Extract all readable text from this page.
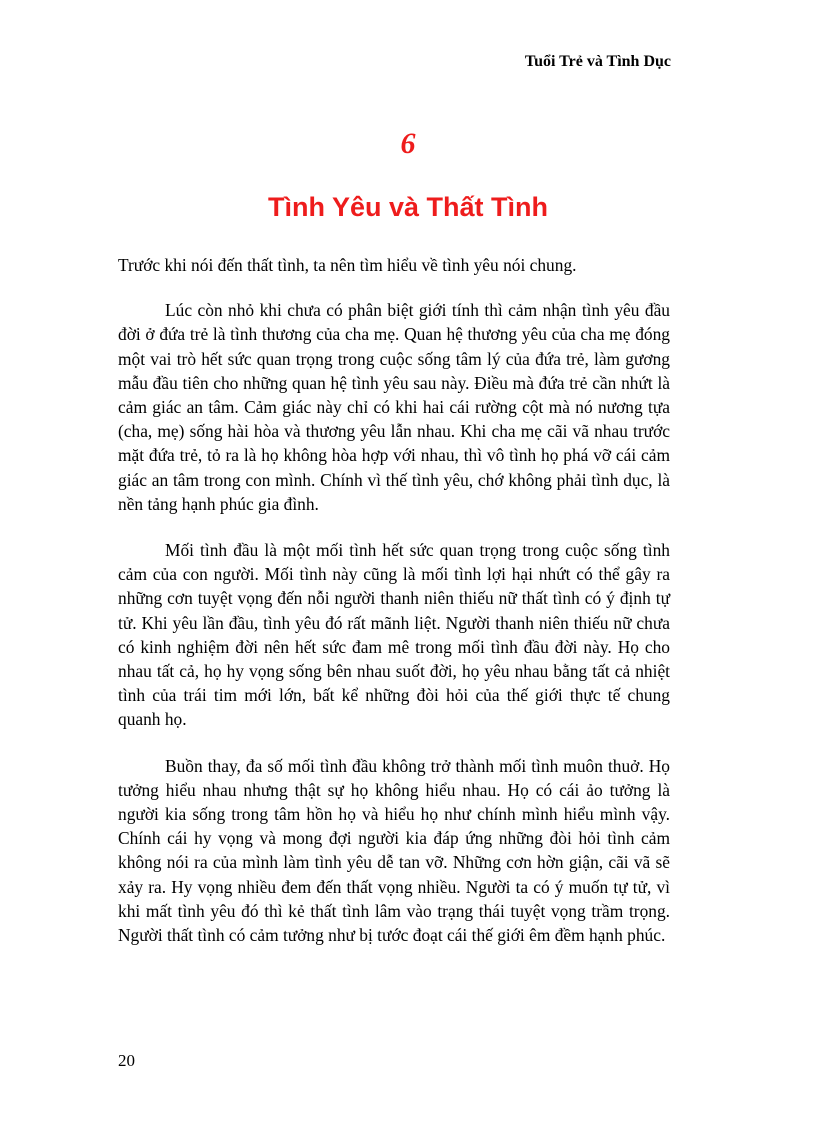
Tuổi Trẻ và Tình Dục
6
Tình Yêu và Thất Tình

Trước khi nói đến thất tình, ta nên tìm hiểu về tình yêu nói chung.

Lúc còn nhỏ khi chưa có phân biệt giới tính thì cảm nhận tình yêu đầu đời ở đứa trẻ là tình thương của cha mẹ. Quan hệ thương yêu của cha mẹ đóng một vai trò hết sức quan trọng trong cuộc sống tâm lý của đứa trẻ, làm gương mẫu đầu tiên cho những quan hệ tình yêu sau này. Điều mà đứa trẻ cần nhứt là cảm giác an tâm. Cảm giác này chỉ có khi hai cái rường cột mà nó nương tựa (cha, mẹ) sống hài hòa và thương yêu lẫn nhau. Khi cha mẹ cãi vã nhau trước mặt đứa trẻ, tỏ ra là họ không hòa hợp với nhau, thì vô tình họ phá vỡ cái cảm giác an tâm trong con mình. Chính vì thế tình yêu, chớ không phải tình dục, là nền tảng hạnh phúc gia đình.

Mối tình đầu là một mối tình hết sức quan trọng trong cuộc sống tình cảm của con người. Mối tình này cũng là mối tình lợi hại nhứt có thể gây ra những cơn tuyệt vọng đến nỗi người thanh niên thiếu nữ thất tình có ý định tự tử. Khi yêu lần đầu, tình yêu đó rất mãnh liệt. Người thanh niên thiếu nữ chưa có kinh nghiệm đời nên hết sức đam mê trong mối tình đầu đời này. Họ cho nhau tất cả, họ hy vọng sống bên nhau suốt đời, họ yêu nhau bằng tất cả nhiệt tình của trái tim mới lớn, bất kể những đòi hỏi của thế giới thực tế chung quanh họ.

Buồn thay, đa số mối tình đầu không trở thành mối tình muôn thuở. Họ tưởng hiểu nhau nhưng thật sự họ không hiểu nhau. Họ có cái ảo tưởng là người kia sống trong tâm hồn họ và hiểu họ như chính mình hiểu mình vậy. Chính cái hy vọng và mong đợi người kia đáp ứng những đòi hỏi tình cảm không nói ra của mình làm tình yêu dễ tan vỡ. Những cơn hờn giận, cãi vã sẽ xảy ra. Hy vọng nhiều đem đến thất vọng nhiều. Người ta có ý muốn tự tử, vì khi mất tình yêu đó thì kẻ thất tình lâm vào trạng thái tuyệt vọng trầm trọng. Người thất tình có cảm tưởng như bị tước đoạt cái thế giới êm đềm hạnh phúc.

20
